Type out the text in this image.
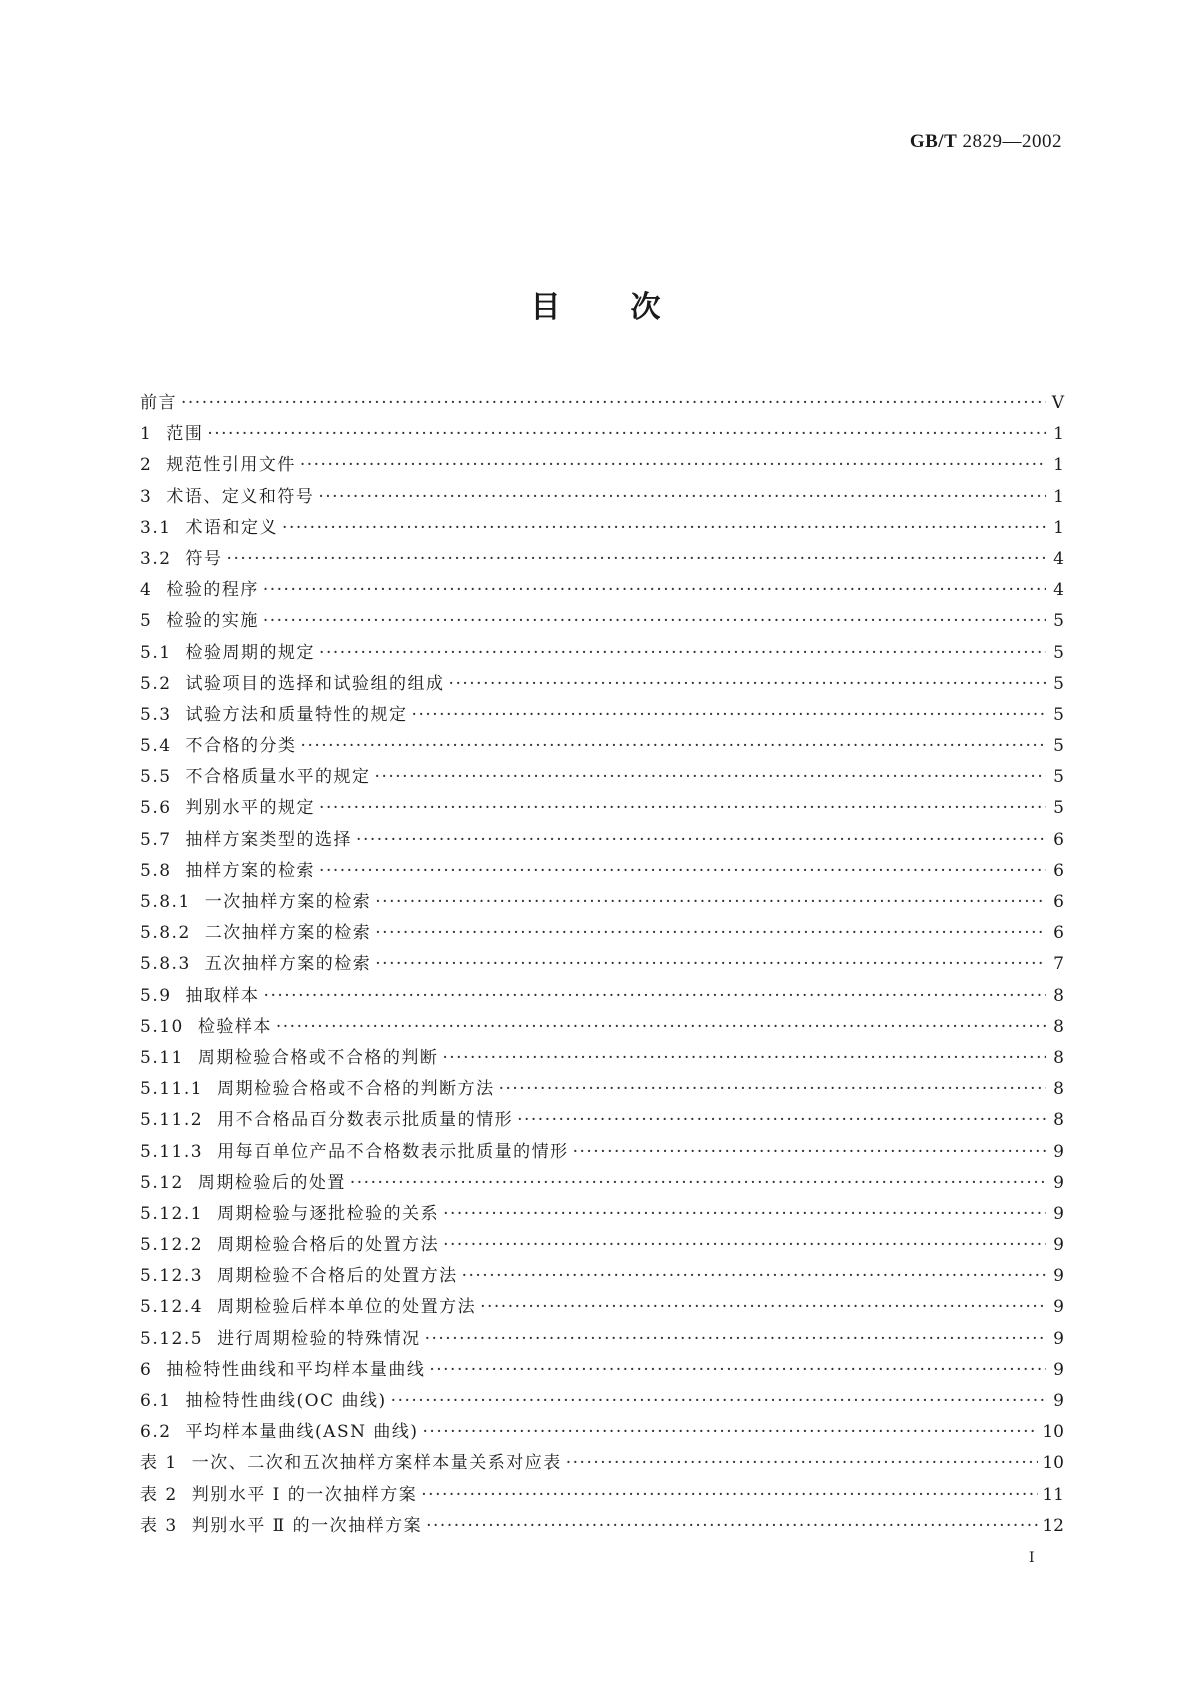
GB/T 2829—2002
目 次
前言 ·····	V
1 范围 ·····	1
2 规范性引用文件 ·····	1
3 术语、定义和符号 ·····	1
3.1 术语和定义 ·····	1
3.2 符号 ·····	4
4 检验的程序 ·····	4
5 检验的实施 ·····	5
5.1 检验周期的规定 ·····	5
5.2 试验项目的选择和试验组的组成 ·····	5
5.3 试验方法和质量特性的规定 ·····	5
5.4 不合格的分类 ·····	5
5.5 不合格质量水平的规定 ·····	5
5.6 判别水平的规定 ·····	5
5.7 抽样方案类型的选择 ·····	6
5.8 抽样方案的检索 ·····	6
5.8.1 一次抽样方案的检索 ·····	6
5.8.2 二次抽样方案的检索 ·····	6
5.8.3 五次抽样方案的检索 ·····	7
5.9 抽取样本 ·····	8
5.10 检验样本 ·····	8
5.11 周期检验合格或不合格的判断 ·····	8
5.11.1 周期检验合格或不合格的判断方法 ·····	8
5.11.2 用不合格品百分数表示批质量的情形 ·····	8
5.11.3 用每百单位产品不合格数表示批质量的情形 ·····	9
5.12 周期检验后的处置 ·····	9
5.12.1 周期检验与逐批检验的关系 ·····	9
5.12.2 周期检验合格后的处置方法 ·····	9
5.12.3 周期检验不合格后的处置方法 ·····	9
5.12.4 周期检验后样本单位的处置方法 ·····	9
5.12.5 进行周期检验的特殊情况 ·····	9
6 抽检特性曲线和平均样本量曲线 ·····	9
6.1 抽检特性曲线(OC 曲线) ·····	9
6.2 平均样本量曲线(ASN 曲线) ·····	10
表 1 一次、二次和五次抽样方案样本量关系对应表 ·····	10
表 2 判别水平 Ⅰ 的一次抽样方案 ·····	11
表 3 判别水平 Ⅱ 的一次抽样方案 ·····	12
Ⅰ
